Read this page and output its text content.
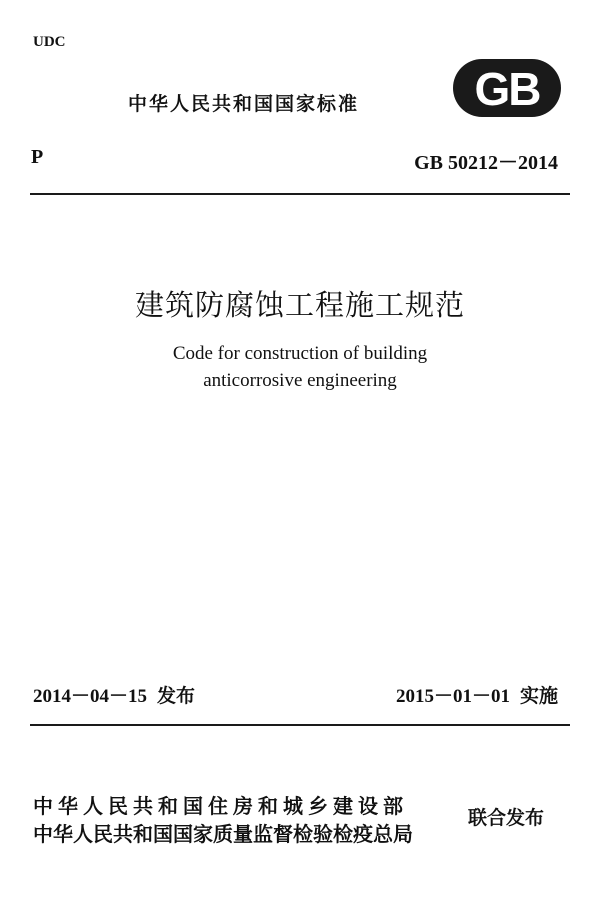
UDC
中华人民共和国国家标准	GB
P	GB 50212－2014
建筑防腐蚀工程施工规范
Code for construction of building
anticorrosive engineering
2014－04－15 发布	2015－01－01 实施
中华人民共和国住房和城乡建设部
中华人民共和国国家质量监督检验检疫总局
联合发布
